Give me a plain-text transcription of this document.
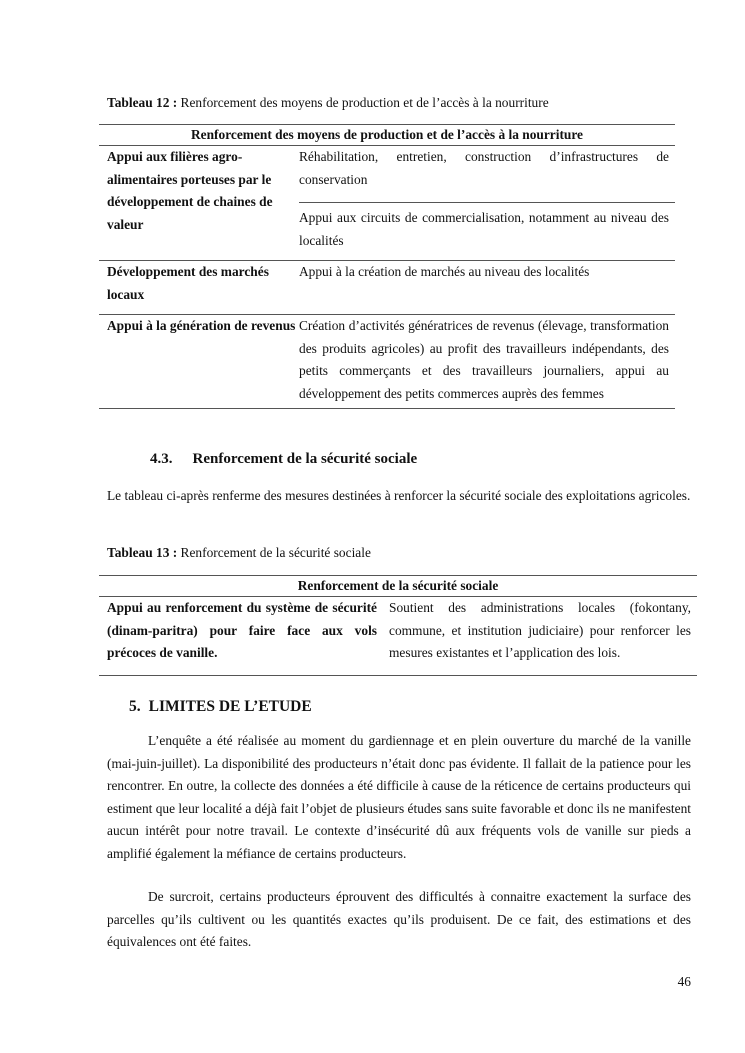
Tableau 12 : Renforcement des moyens de production et de l’accès à la nourriture

Renforcement des moyens de production et de l’accès à la nourriture	
Appui aux filières agro-alimentaires porteuses par le développement de chaines de valeur	Réhabilitation, entretien, construction d’infrastructures de conservation
	Appui aux circuits de commercialisation, notamment au niveau des localités
Développement des marchés locaux	Appui à la création de marchés au niveau des localités
Appui à la génération de revenus	Création d’activités génératrices de revenus (élevage, transformation des produits agricoles) au profit des travailleurs indépendants, des petits commerçants et des travailleurs journaliers, appui au développement des petits commerces auprès des femmes

4.3. Renforcement de la sécurité sociale

Le tableau ci-après renferme des mesures destinées à renforcer la sécurité sociale des exploitations agricoles.

Tableau 13 : Renforcement de la sécurité sociale

Renforcement de la sécurité sociale
Appui au renforcement du système de sécurité (dinam-paritra) pour faire face aux vols précoces de vanille.	Soutient des administrations locales (fokontany, commune, et institution judiciaire) pour renforcer les mesures existantes et l’application des lois.

5. LIMITES DE L’ETUDE

L’enquête a été réalisée au moment du gardiennage et en plein ouverture du marché de la vanille (mai-juin-juillet). La disponibilité des producteurs n’était donc pas évidente. Il fallait de la patience pour les rencontrer. En outre, la collecte des données a été difficile à cause de la réticence de certains producteurs qui estiment que leur localité a déjà fait l’objet de plusieurs études sans suite favorable et donc ils ne manifestent aucun intérêt pour notre travail. Le contexte d’insécurité dû aux fréquents vols de vanille sur pieds a amplifié également la méfiance de certains producteurs.

De surcroit, certains producteurs éprouvent des difficultés à connaitre exactement la surface des parcelles qu’ils cultivent ou les quantités exactes qu’ils produisent. De ce fait, des estimations et des équivalences ont été faites.

46
